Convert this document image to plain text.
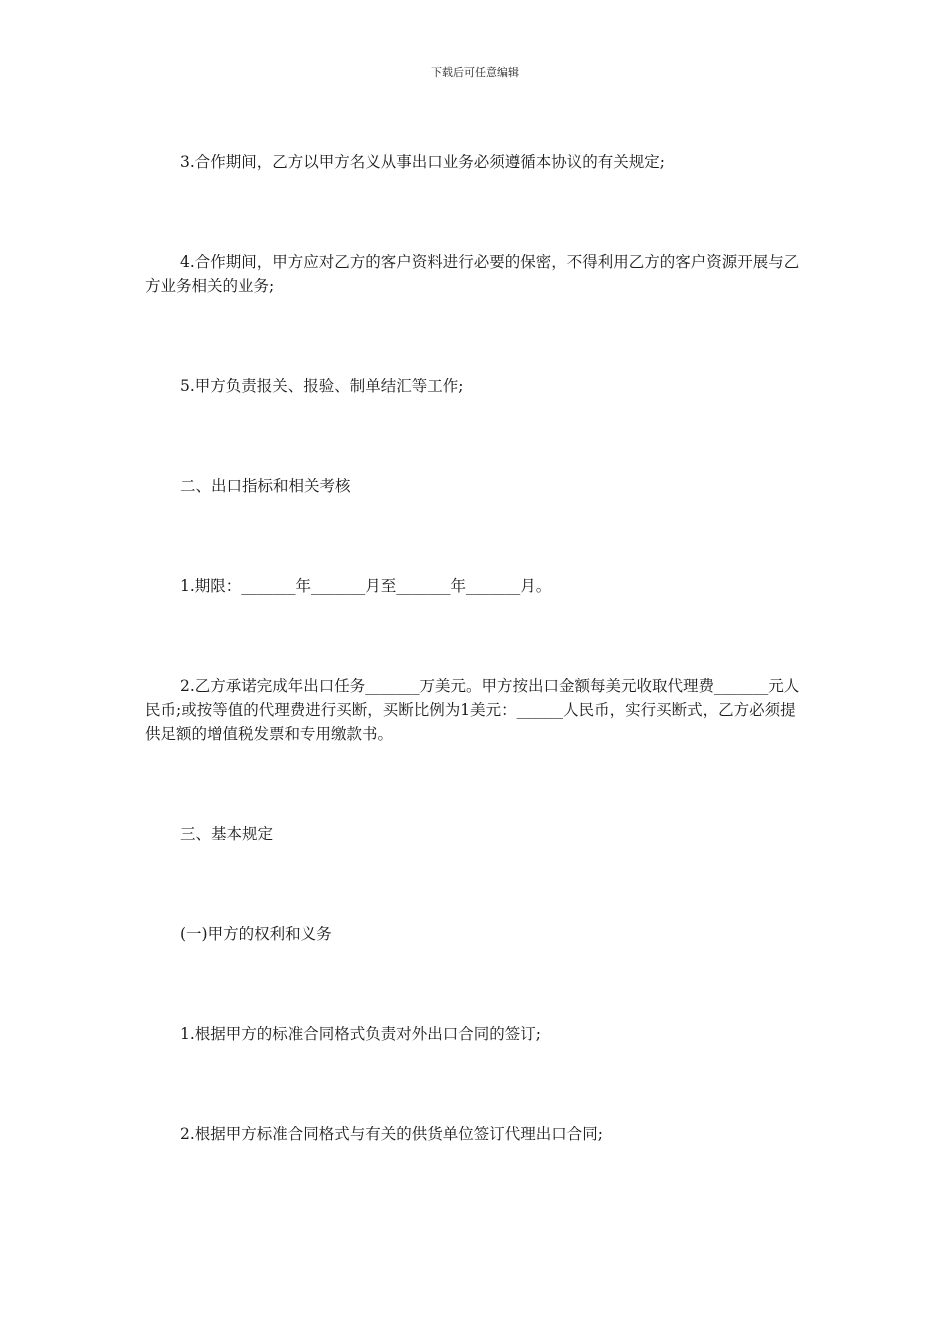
下载后可任意编辑

3.合作期间，乙方以甲方名义从事出口业务必须遵循本协议的有关规定;

4.合作期间，甲方应对乙方的客户资料进行必要的保密，不得利用乙方的客户资源开展与乙方业务相关的业务;

5.甲方负责报关、报验、制单结汇等工作;

二、出口指标和相关考核

1.期限：_______年_______月至_______年_______月。

2.乙方承诺完成年出口任务_______万美元。甲方按出口金额每美元收取代理费_______元人民币;或按等值的代理费进行买断，买断比例为1美元：______人民币，实行买断式，乙方必须提供足额的增值税发票和专用缴款书。

三、基本规定

(一)甲方的权利和义务

1.根据甲方的标准合同格式负责对外出口合同的签订;

2.根据甲方标准合同格式与有关的供货单位签订代理出口合同;
